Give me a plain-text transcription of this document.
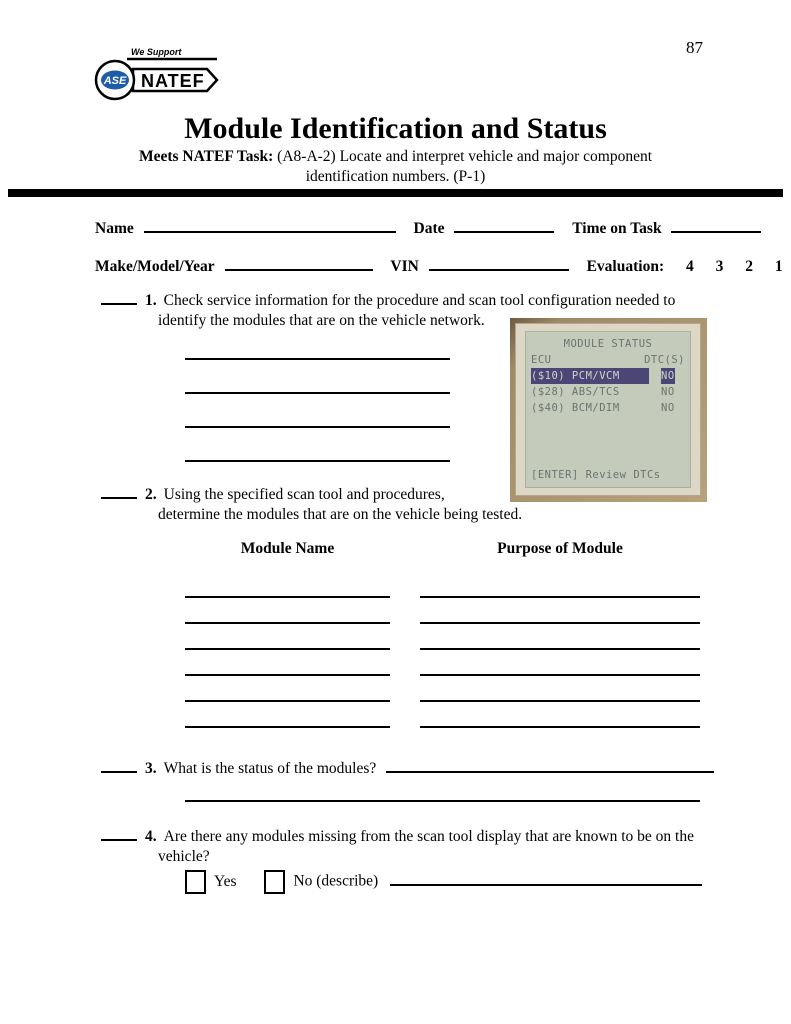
87
We Support
ASE NATEF
Module Identification and Status
Meets NATEF Task: (A8-A-2) Locate and interpret vehicle and major component
identification numbers. (P-1)
Name	Date	Time on Task
Make/Model/Year	VIN	Evaluation: 4 3 2 1
1. Check service information for the procedure and scan tool configuration needed to
identify the modules that are on the vehicle network.
MODULE STATUS
ECU	DTC(S)
($10) PCM/VCM	NO
($28) ABS/TCS	NO
($40) BCM/DIM	NO
[ENTER] Review DTCs
2. Using the specified scan tool and procedures,
determine the modules that are on the vehicle being tested.
Module Name	Purpose of Module
3. What is the status of the modules?
4. Are there any modules missing from the scan tool display that are known to be on the
vehicle?
Yes	No (describe)
